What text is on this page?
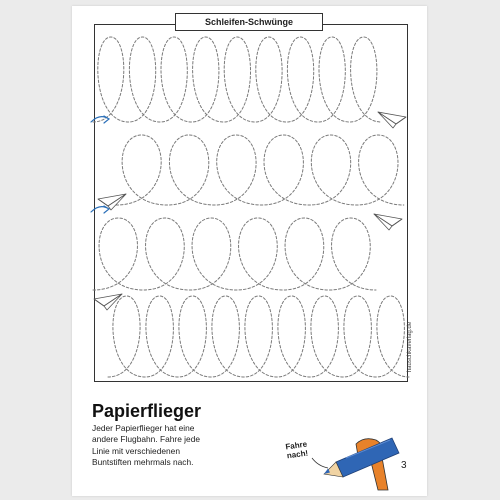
Schleifen-Schwünge
hauschkaverlag.de
Papierflieger
Jeder Papierflieger hat eine
andere Flugbahn. Fahre jede
Linie mit verschiedenen
Buntstiften mehrmals nach.
Fahre
nach!
3
